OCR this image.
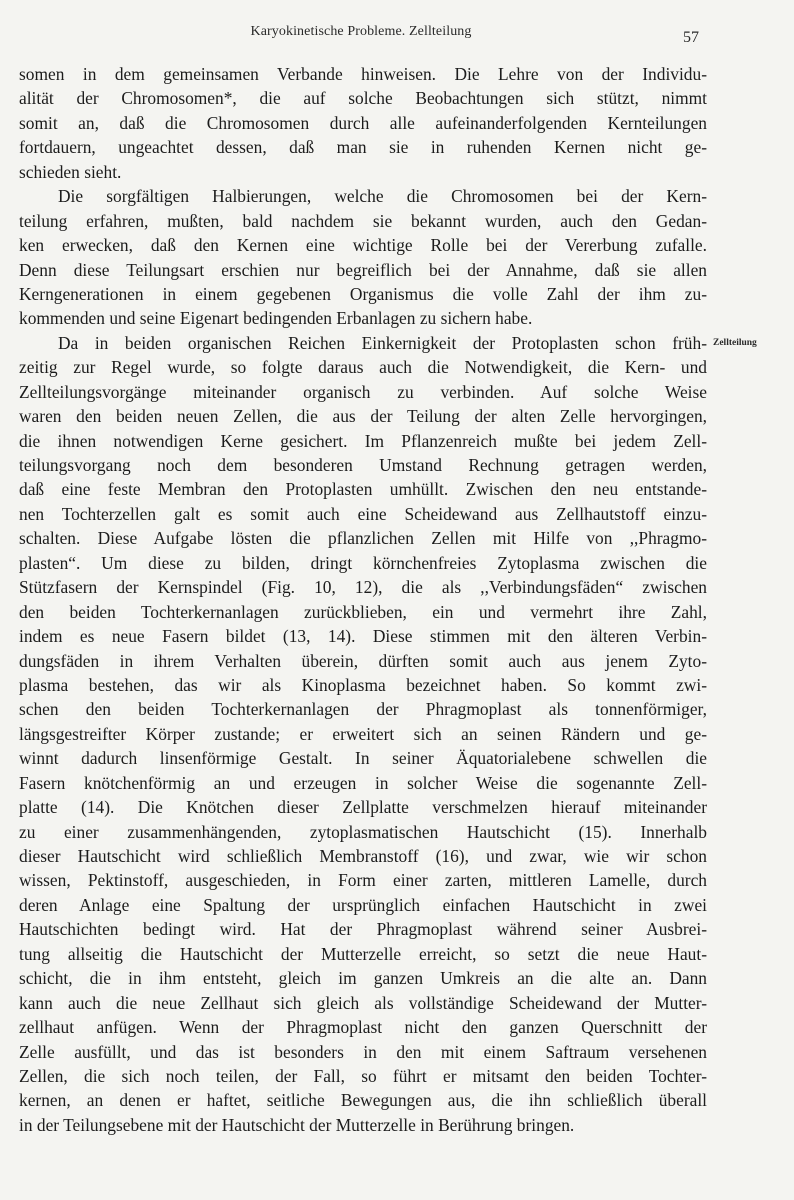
Karyokinetische Probleme. Zellteilung	57
somen in dem gemeinsamen Verbande hinweisen. Die Lehre von der Individu-
alität der Chromosomen*, die auf solche Beobachtungen sich stützt, nimmt
somit an, daß die Chromosomen durch alle aufeinanderfolgenden Kernteilungen
fortdauern, ungeachtet dessen, daß man sie in ruhenden Kernen nicht ge-
schieden sieht.
Die sorgfältigen Halbierungen, welche die Chromosomen bei der Kern-
teilung erfahren, mußten, bald nachdem sie bekannt wurden, auch den Gedan-
ken erwecken, daß den Kernen eine wichtige Rolle bei der Vererbung zufalle.
Denn diese Teilungsart erschien nur begreiflich bei der Annahme, daß sie allen
Kerngenerationen in einem gegebenen Organismus die volle Zahl der ihm zu-
kommenden und seine Eigenart bedingenden Erbanlagen zu sichern habe.
Da in beiden organischen Reichen Einkernigkeit der Protoplasten schon früh-
zeitig zur Regel wurde, so folgte daraus auch die Notwendigkeit, die Kern- und
Zellteilungsvorgänge miteinander organisch zu verbinden. Auf solche Weise
waren den beiden neuen Zellen, die aus der Teilung der alten Zelle hervorgingen,
die ihnen notwendigen Kerne gesichert. Im Pflanzenreich mußte bei jedem Zell-
teilungsvorgang noch dem besonderen Umstand Rechnung getragen werden,
daß eine feste Membran den Protoplasten umhüllt. Zwischen den neu entstande-
nen Tochterzellen galt es somit auch eine Scheidewand aus Zellhautstoff einzu-
schalten. Diese Aufgabe lösten die pflanzlichen Zellen mit Hilfe von ,,Phragmo-
plasten“. Um diese zu bilden, dringt körnchenfreies Zytoplasma zwischen die
Stützfasern der Kernspindel (Fig. 10, 12), die als ,,Verbindungsfäden“ zwischen
den beiden Tochterkernanlagen zurückblieben, ein und vermehrt ihre Zahl,
indem es neue Fasern bildet (13, 14). Diese stimmen mit den älteren Verbin-
dungsfäden in ihrem Verhalten überein, dürften somit auch aus jenem Zyto-
plasma bestehen, das wir als Kinoplasma bezeichnet haben. So kommt zwi-
schen den beiden Tochterkernanlagen der Phragmoplast als tonnenförmiger,
längsgestreifter Körper zustande; er erweitert sich an seinen Rändern und ge-
winnt dadurch linsenförmige Gestalt. In seiner Äquatorialebene schwellen die
Fasern knötchenförmig an und erzeugen in solcher Weise die sogenannte Zell-
platte (14). Die Knötchen dieser Zellplatte verschmelzen hierauf miteinander
zu einer zusammenhängenden, zytoplasmatischen Hautschicht (15). Innerhalb
dieser Hautschicht wird schließlich Membranstoff (16), und zwar, wie wir schon
wissen, Pektinstoff, ausgeschieden, in Form einer zarten, mittleren Lamelle, durch
deren Anlage eine Spaltung der ursprünglich einfachen Hautschicht in zwei
Hautschichten bedingt wird. Hat der Phragmoplast während seiner Ausbrei-
tung allseitig die Hautschicht der Mutterzelle erreicht, so setzt die neue Haut-
schicht, die in ihm entsteht, gleich im ganzen Umkreis an die alte an. Dann
kann auch die neue Zellhaut sich gleich als vollständige Scheidewand der Mutter-
zellhaut anfügen. Wenn der Phragmoplast nicht den ganzen Querschnitt der
Zelle ausfüllt, und das ist besonders in den mit einem Saftraum versehenen
Zellen, die sich noch teilen, der Fall, so führt er mitsamt den beiden Tochter-
kernen, an denen er haftet, seitliche Bewegungen aus, die ihn schließlich überall
in der Teilungsebene mit der Hautschicht der Mutterzelle in Berührung bringen.
Zellteilung
